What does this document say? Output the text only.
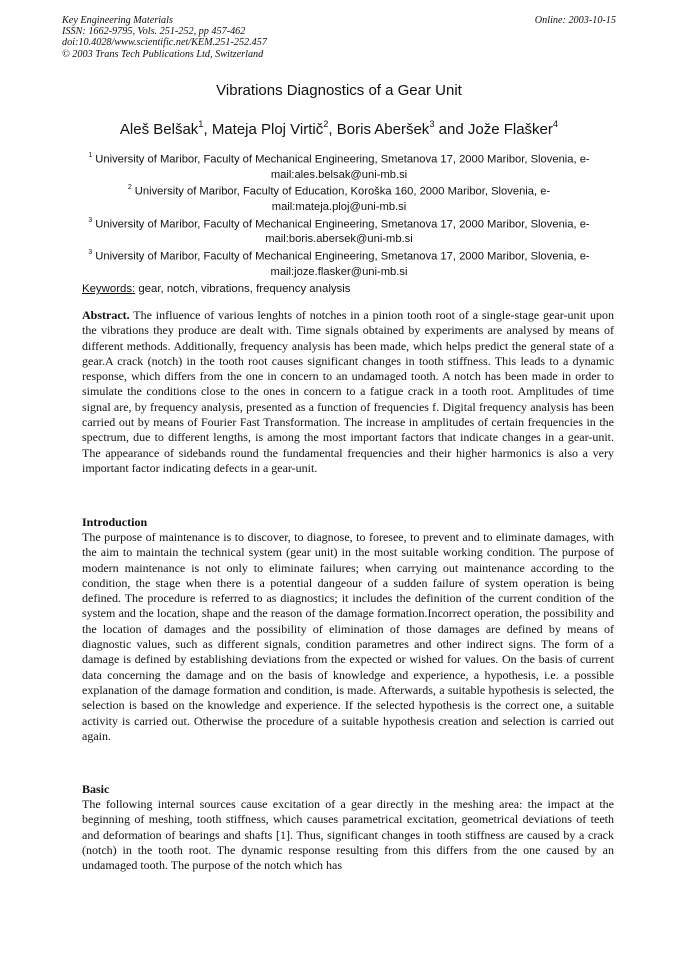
Key Engineering Materials
ISSN: 1662-9795, Vols. 251-252, pp 457-462
doi:10.4028/www.scientific.net/KEM.251-252.457
© 2003 Trans Tech Publications Ltd, Switzerland
Online: 2003-10-15
Vibrations Diagnostics of a Gear Unit
Aleš Belšak$^1$, Mateja Ploj Virtič$^2$, Boris Aberšek$^3$ and Jože Flašker$^4$
$^1$ University of Maribor, Faculty of Mechanical Engineering, Smetanova 17, 2000 Maribor, Slovenia, e-mail:ales.belsak@uni-mb.si
$^2$ University of Maribor, Faculty of Education, Koroška 160, 2000 Maribor, Slovenia, e-mail:mateja.ploj@uni-mb.si
$^3$ University of Maribor, Faculty of Mechanical Engineering, Smetanova 17, 2000 Maribor, Slovenia, e-mail:boris.abersek@uni-mb.si
$^3$ University of Maribor, Faculty of Mechanical Engineering, Smetanova 17, 2000 Maribor, Slovenia, e-mail:joze.flasker@uni-mb.si
Keywords: gear, notch, vibrations, frequency analysis
Abstract. The influence of various lenghts of notches in a pinion tooth root of a single-stage gear-unit upon the vibrations they produce are dealt with. Time signals obtained by experiments are analysed by means of different methods. Additionally, frequency analysis has been made, which helps predict the general state of a gear.A crack (notch) in the tooth root causes significant changes in tooth stiffness. This leads to a dynamic response, which differs from the one in concern to an undamaged tooth. A notch has been made in order to simulate the conditions close to the ones in concern to a fatigue crack in a tooth root. Amplitudes of time signal are, by frequency analysis, presented as a function of frequencies f. Digital frequency analysis has been carried out by means of Fourier Fast Transformation. The increase in amplitudes of certain frequencies in the spectrum, due to different lengths, is among the most important factors that indicate changes in a gear-unit. The appearance of sidebands round the fundamental frequencies and their higher harmonics is also a very important factor indicating defects in a gear-unit.
Introduction
The purpose of maintenance is to discover, to diagnose, to foresee, to prevent and to eliminate damages, with the aim to maintain the technical system (gear unit) in the most suitable working condition. The purpose of modern maintenance is not only to eliminate failures; when carrying out maintenance according to the condition, the stage when there is a potential dangeour of a sudden failure of system operation is being defined. The procedure is referred to as diagnostics; it includes the definition of the current condition of the system and the location, shape and the reason of the damage formation.Incorrect operation, the possibility and the location of damages and the possibility of elimination of those damages are defined by means of diagnostic values, such as different signals, condition parametres and other indirect signs. The form of a damage is defined by establishing deviations from the expected or wished for values. On the basis of current data concerning the damage and on the basis of knowledge and experience, a hypothesis, i.e. a possible explanation of the damage formation and condition, is made. Afterwards, a suitable hypothesis is selected, the selection is based on the knowledge and experience. If the selected hypothesis is the correct one, a suitable activity is carried out. Otherwise the procedure of a suitable hypothesis creation and selection is carried out again.
Basic
The following internal sources cause excitation of a gear directly in the meshing area: the impact at the beginning of meshing, tooth stiffness, which causes parametrical excitation, geometrical deviations of teeth and deformation of bearings and shafts [1]. Thus, significant changes in tooth stiffness are caused by a crack (notch) in the tooth root. The dynamic response resulting from this differs from the one caused by an undamaged tooth. The purpose of the notch which has
